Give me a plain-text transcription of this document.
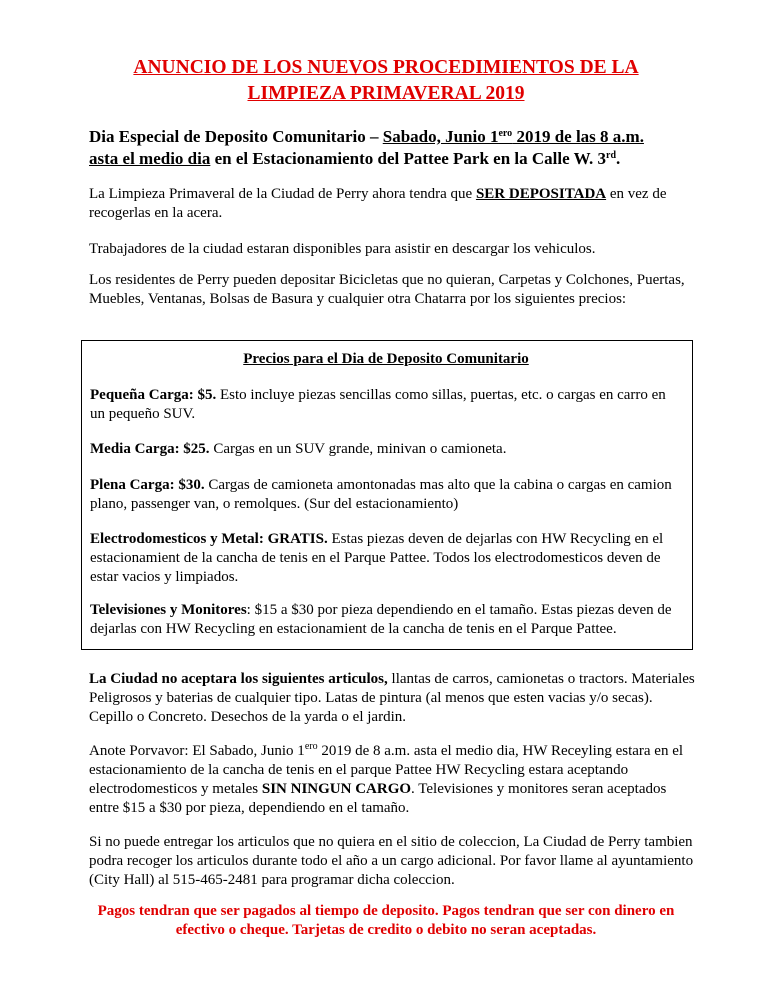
ANUNCIO DE LOS NUEVOS PROCEDIMIENTOS DE LA
LIMPIEZA PRIMAVERAL 2019

Dia Especial de Deposito Comunitario – Sabado, Junio $1^{ero}$ 2019 de las 8 a.m.
asta el medio dia en el Estacionamiento del Pattee Park en la Calle W. 3rd.

La Limpieza Primaveral de la Ciudad de Perry ahora tendra que SER DEPOSITADA en vez de recogerlas en la acera.

Trabajadores de la ciudad estaran disponibles para asistir en descargar los vehiculos.

Los residentes de Perry pueden depositar Bicicletas que no quieran, Carpetas y Colchones, Puertas, Muebles, Ventanas, Bolsas de Basura y cualquier otra Chatarra por los siguientes precios:

Precios para el Dia de Deposito Comunitario

Pequeña Carga: $5. Esto incluye piezas sencillas como sillas, puertas, etc. o cargas en carro en un pequeño SUV.

Media Carga: $25. Cargas en un SUV grande, minivan o camioneta.

Plena Carga: $30. Cargas de camioneta amontonadas mas alto que la cabina o cargas en camion plano, passenger van, o remolques. (Sur del estacionamiento)

Electrodomesticos y Metal: GRATIS. Estas piezas deven de dejarlas con HW Recycling en el estacionamient de la cancha de tenis en el Parque Pattee. Todos los electrodomesticos deven de estar vacios y limpiados.

Televisiones y Monitores: $15 a $30 por pieza dependiendo en el tamaño. Estas piezas deven de dejarlas con HW Recycling en estacionamient de la cancha de tenis en el Parque Pattee.

La Ciudad no aceptara los siguientes articulos, llantas de carros, camionetas o tractors. Materiales Peligrosos y baterias de cualquier tipo. Latas de pintura (al menos que esten vacias y/o secas). Cepillo o Concreto. Desechos de la yarda o el jardin.

Anote Porvavor: El Sabado, Junio $1^{ero}$ 2019 de 8 a.m. asta el medio dia, HW Receyling estara en el estacionamiento de la cancha de tenis en el parque Pattee HW Recycling estara aceptando electrodomesticos y metales SIN NINGUN CARGO. Televisiones y monitores seran aceptados entre $15 a $30 por pieza, dependiendo en el tamaño.

Si no puede entregar los articulos que no quiera en el sitio de coleccion, La Ciudad de Perry tambien podra recoger los articulos durante todo el año a un cargo adicional. Por favor llame al ayuntamiento (City Hall) al 515-465-2481 para programar dicha coleccion.

Pagos tendran que ser pagados al tiempo de deposito. Pagos tendran que ser con dinero en
efectivo o cheque. Tarjetas de credito o debito no seran aceptadas.
